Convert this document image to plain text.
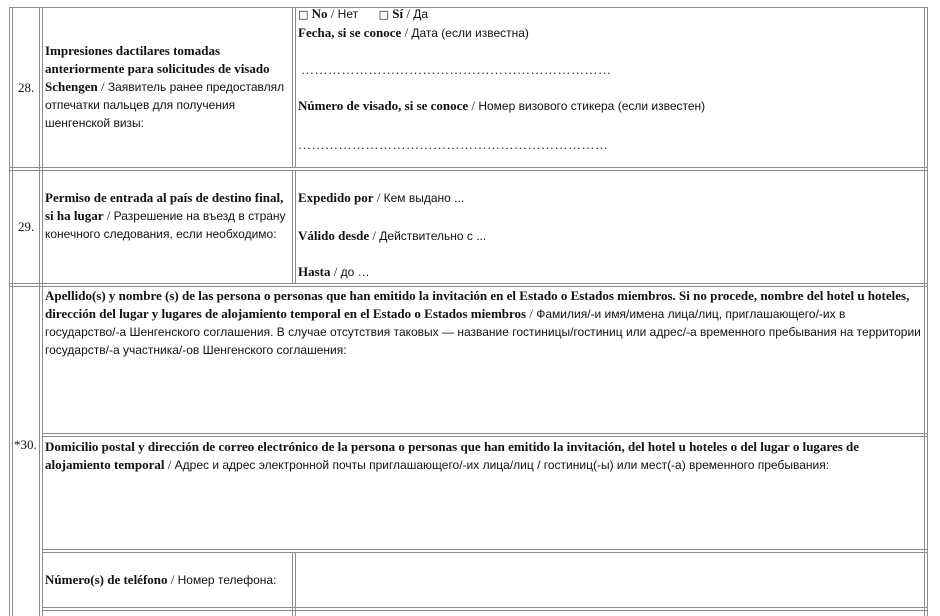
28.
Impresiones dactilares tomadas anteriormente para solicitudes de visado Schengen / Заявитель ранее предоставлял отпечатки пальцев для получения шенгенской визы:
□ No / Нет □ Sí / Да
Fecha, si se conoce / Дата (если известна)
……………………………………………………………
Número de visado, si se conoce / Номер визового стикера (если известен)
……………………………………………………………
29.
Permiso de entrada al país de destino final, si ha lugar / Разрешение на въезд в страну конечного следования, если необходимо:
Expedido por / Кем выдано ...
Válido desde / Действительно с ...
Hasta / до …
*30.
Apellido(s) y nombre (s) de las persona o personas que han emitido la invitación en el Estado o Estados miembros. Si no procede, nombre del hotel u hoteles, dirección del lugar y lugares de alojamiento temporal en el Estado o Estados miembros / Фамилия/-и имя/имена лица/лиц, приглашающего/-их в государство/-а Шенгенского соглашения. В случае отсутствия таковых — название гостиницы/гостиниц или адрес/-а временного пребывания на территории государств/-а участника/-ов Шенгенского соглашения:
Domicilio postal y dirección de correo electrónico de la persona o personas que han emitido la invitación, del hotel u hoteles o del lugar o lugares de alojamiento temporal / Адрес и адрес электронной почты приглашающего/-их лица/лиц / гостиниц(-ы) или мест(-а) временного пребывания:
Número(s) de teléfono / Номер телефона:
